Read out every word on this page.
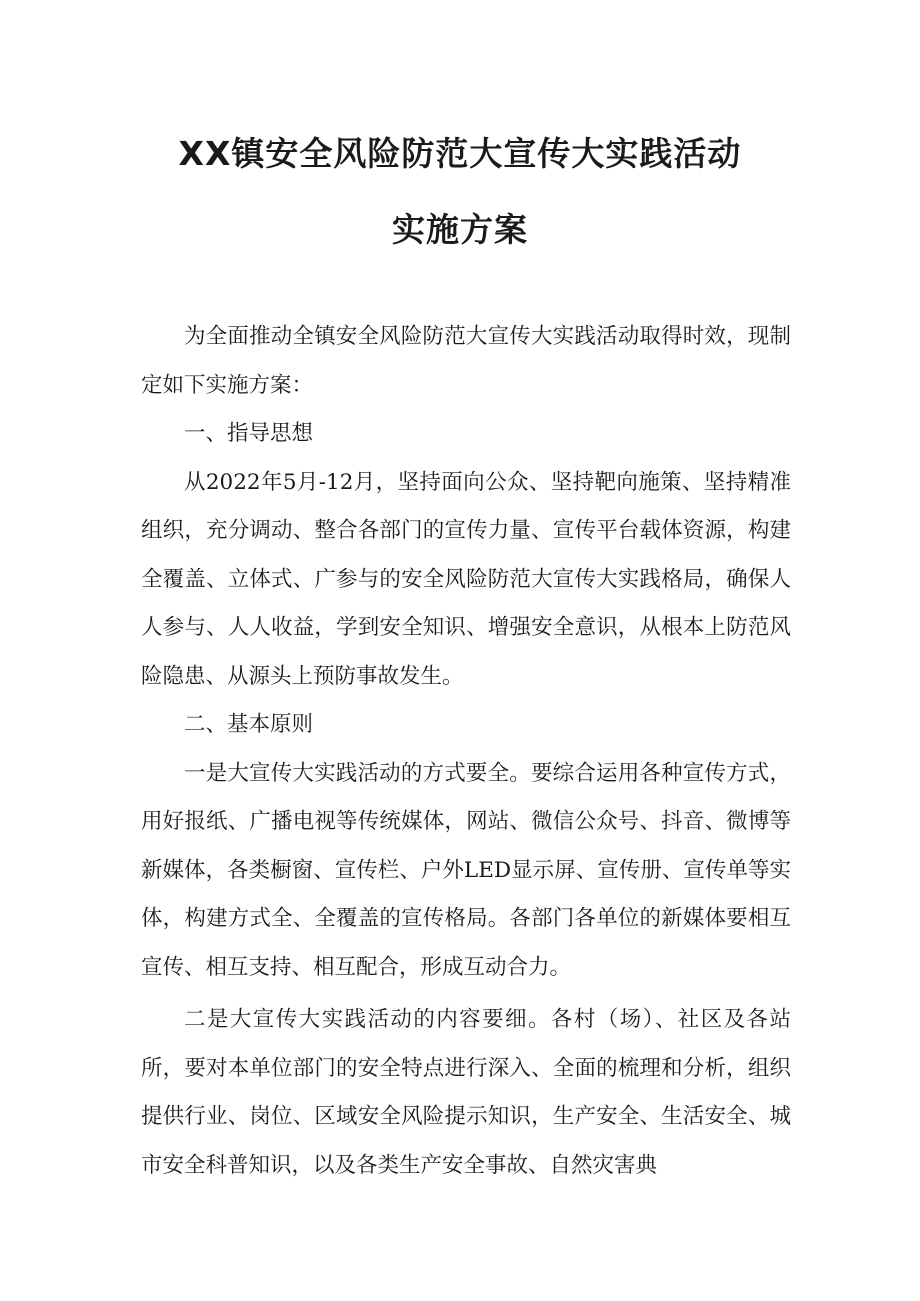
XX镇安全风险防范大宣传大实践活动
实施方案

为全面推动全镇安全风险防范大宣传大实践活动取得时效，现制定如下实施方案：

一、指导思想

从2022年5月-12月，坚持面向公众、坚持靶向施策、坚持精准组织，充分调动、整合各部门的宣传力量、宣传平台载体资源，构建全覆盖、立体式、广参与的安全风险防范大宣传大实践格局，确保人人参与、人人收益，学到安全知识、增强安全意识，从根本上防范风险隐患、从源头上预防事故发生。

二、基本原则

一是大宣传大实践活动的方式要全。要综合运用各种宣传方式，用好报纸、广播电视等传统媒体，网站、微信公众号、抖音、微博等新媒体，各类橱窗、宣传栏、户外LED显示屏、宣传册、宣传单等实体，构建方式全、全覆盖的宣传格局。各部门各单位的新媒体要相互宣传、相互支持、相互配合，形成互动合力。

二是大宣传大实践活动的内容要细。各村（场）、社区及各站所，要对本单位部门的安全特点进行深入、全面的梳理和分析，组织提供行业、岗位、区域安全风险提示知识，生产安全、生活安全、城市安全科普知识，以及各类生产安全事故、自然灾害典
